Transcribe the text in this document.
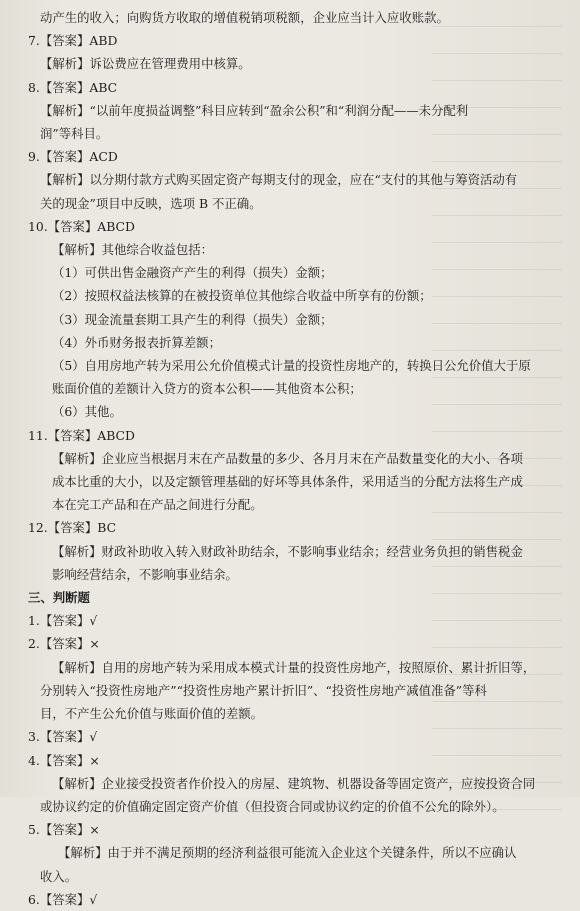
动产生的收入；向购货方收取的增值税销项税额，企业应当计入应收账款。
7.【答案】ABD
【解析】诉讼费应在管理费用中核算。
8.【答案】ABC
【解析】“以前年度损益调整”科目应转到“盈余公积”和“利润分配——未分配利
润”等科目。
9.【答案】ACD
【解析】以分期付款方式购买固定资产每期支付的现金，应在“支付的其他与筹资活动有
关的现金”项目中反映，选项 B 不正确。
10.【答案】ABCD
【解析】其他综合收益包括：
（1）可供出售金融资产产生的利得（损失）金额；
（2）按照权益法核算的在被投资单位其他综合收益中所享有的份额；
（3）现金流量套期工具产生的利得（损失）金额；
（4）外币财务报表折算差额；
（5）自用房地产转为采用公允价值模式计量的投资性房地产的，转换日公允价值大于原
账面价值的差额计入贷方的资本公积——其他资本公积；
（6）其他。
11.【答案】ABCD
【解析】企业应当根据月末在产品数量的多少、各月月末在产品数量变化的大小、各项
成本比重的大小，以及定额管理基础的好坏等具体条件，采用适当的分配方法将生产成
本在完工产品和在产品之间进行分配。
12.【答案】BC
【解析】财政补助收入转入财政补助结余，不影响事业结余；经营业务负担的销售税金
影响经营结余，不影响事业结余。
三、判断题
1.【答案】√
2.【答案】×
【解析】自用的房地产转为采用成本模式计量的投资性房地产，按照原价、累计折旧等，
分别转入“投资性房地产”“投资性房地产累计折旧”、“投资性房地产减值准备”等科
目，不产生公允价值与账面价值的差额。
3.【答案】√
4.【答案】×
【解析】企业接受投资者作价投入的房屋、建筑物、机器设备等固定资产，应按投资合同
或协议约定的价值确定固定资产价值（但投资合同或协议约定的价值不公允的除外）。
5.【答案】×
【解析】由于并不满足预期的经济利益很可能流入企业这个关键条件，所以不应确认
收入。
6.【答案】√
